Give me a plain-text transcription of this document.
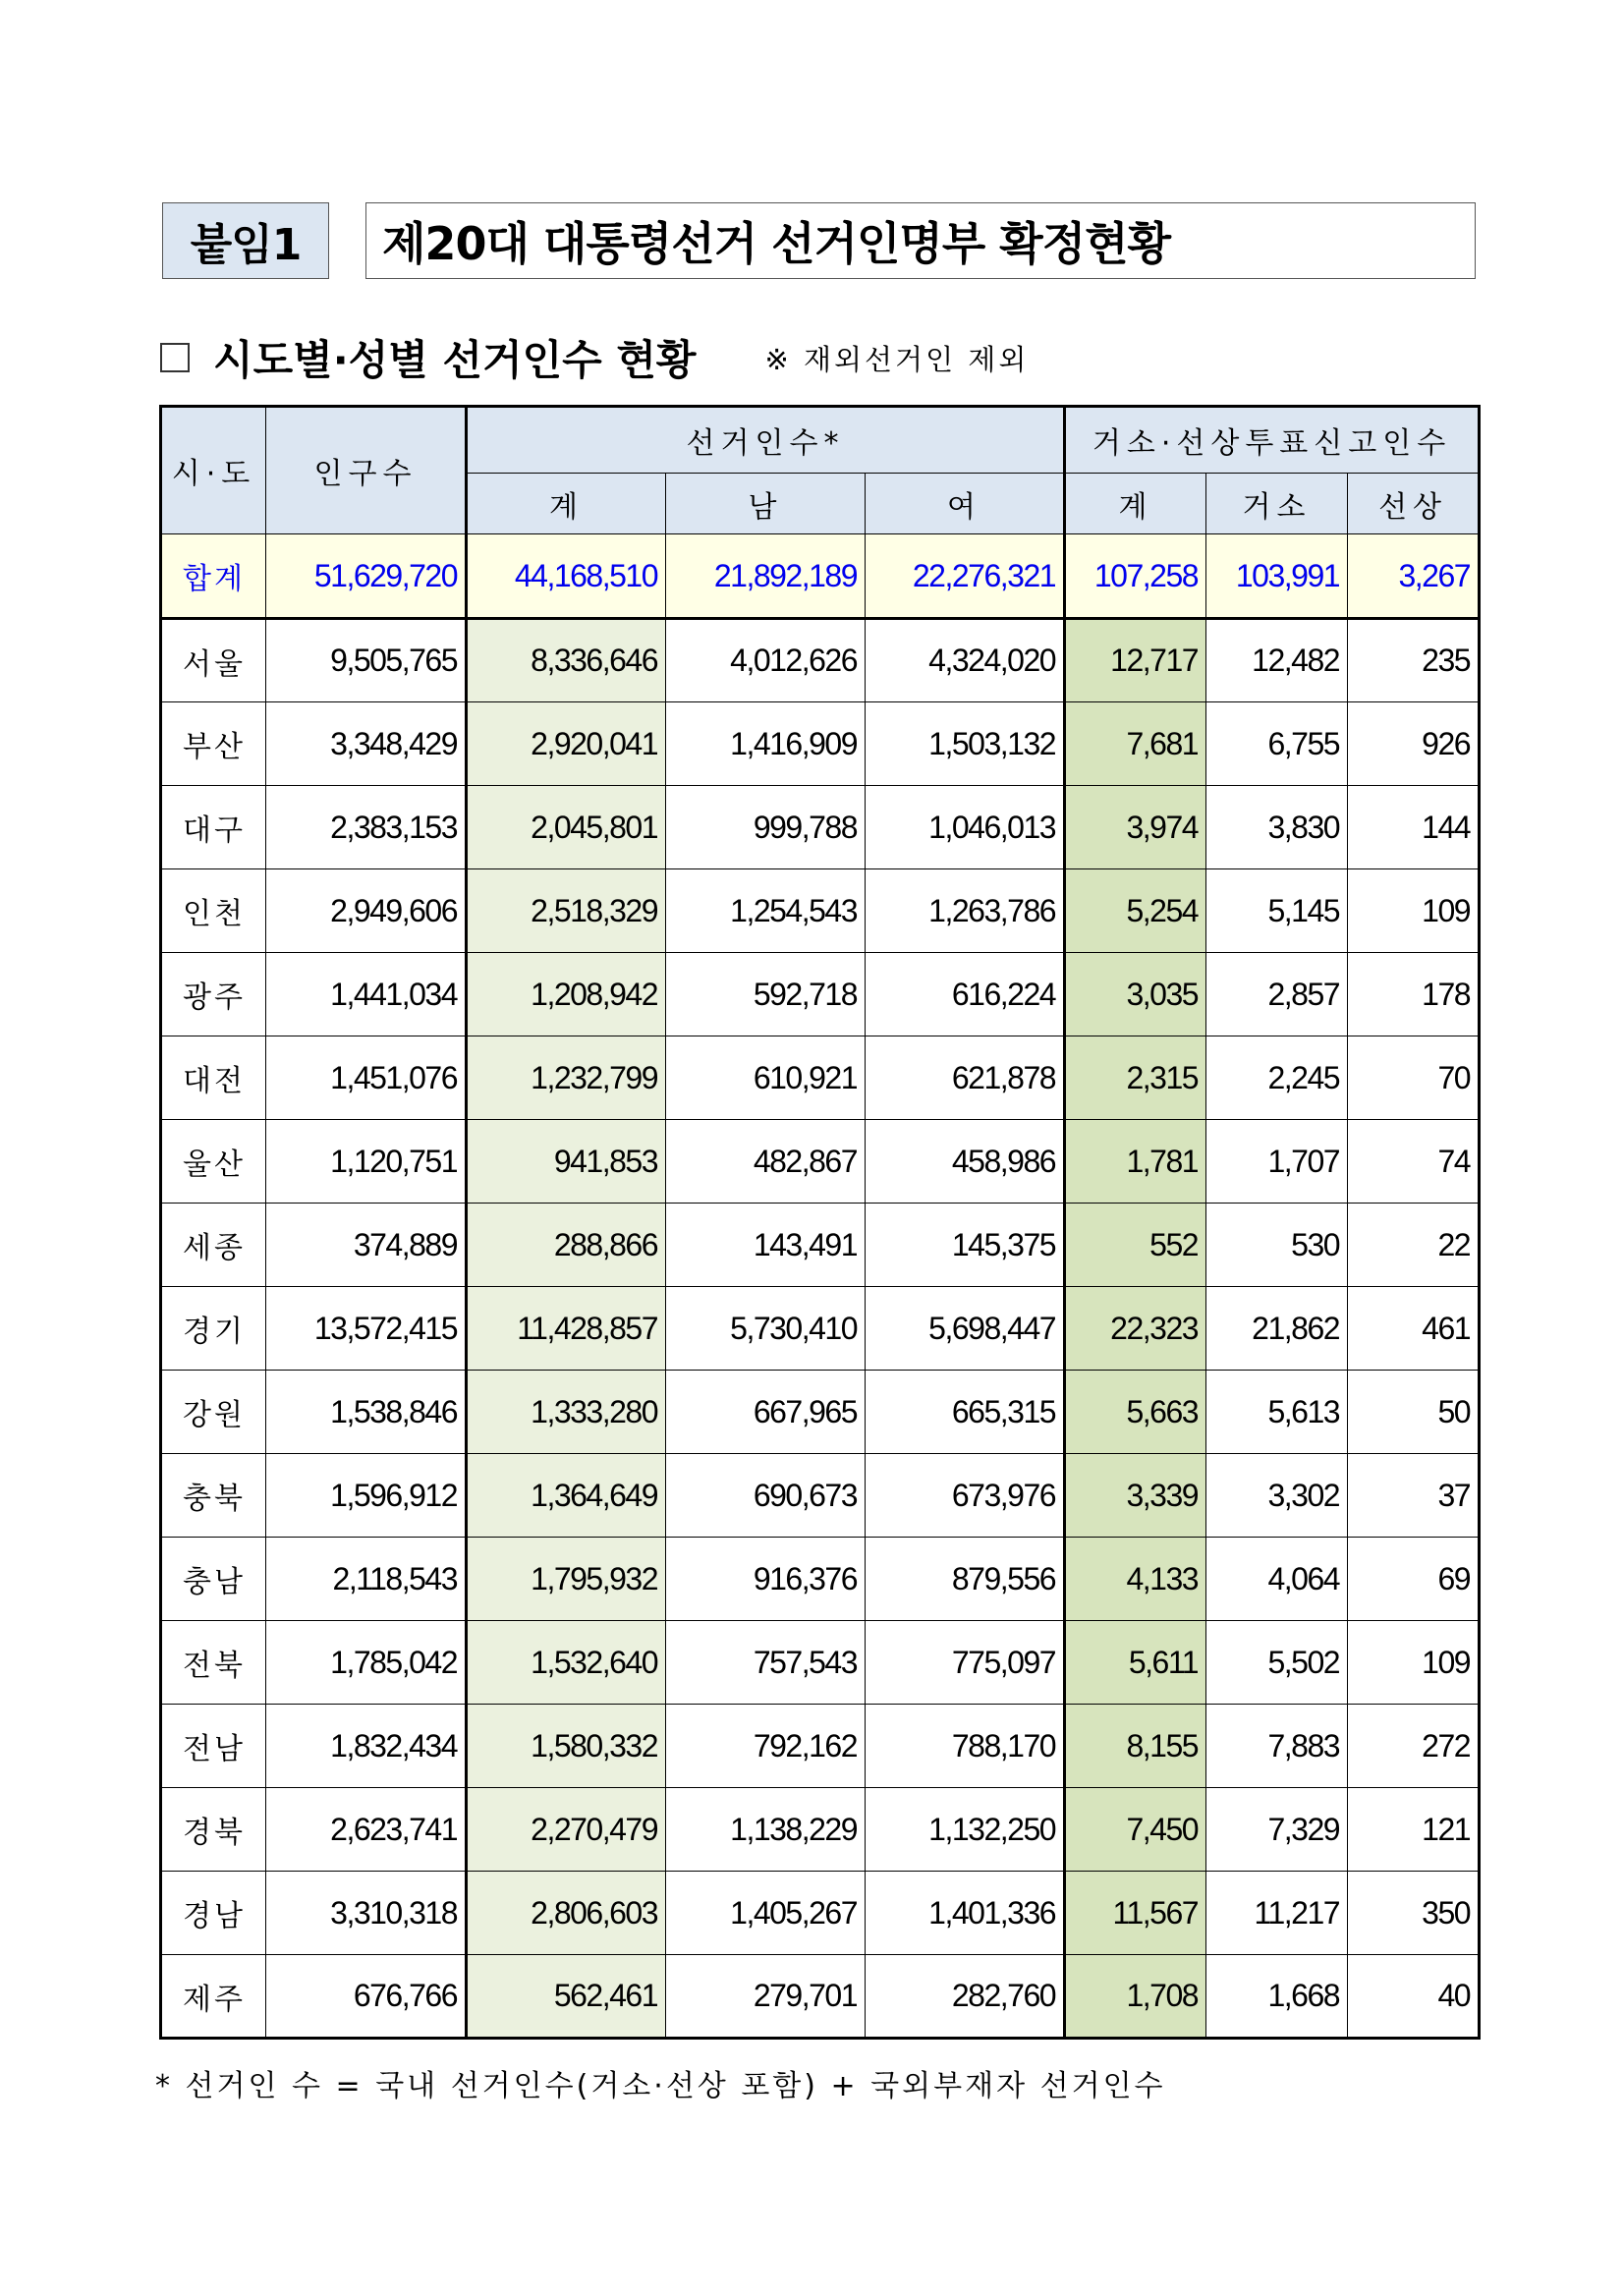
붙임1	제20대 대통령선거 선거인명부 확정현황
시도별·성별 선거인수 현황 ※ 재외선거인 제외
시·도	인구수	선거인수*			거소·선상투표신고인수		
		계	남	여	계	거소	선상
합계	51,629,720	44,168,510	21,892,189	22,276,321	107,258	103,991	3,267
서울	9,505,765	8,336,646	4,012,626	4,324,020	12,717	12,482	235
부산	3,348,429	2,920,041	1,416,909	1,503,132	7,681	6,755	926
대구	2,383,153	2,045,801	999,788	1,046,013	3,974	3,830	144
인천	2,949,606	2,518,329	1,254,543	1,263,786	5,254	5,145	109
광주	1,441,034	1,208,942	592,718	616,224	3,035	2,857	178
대전	1,451,076	1,232,799	610,921	621,878	2,315	2,245	70
울산	1,120,751	941,853	482,867	458,986	1,781	1,707	74
세종	374,889	288,866	143,491	145,375	552	530	22
경기	13,572,415	11,428,857	5,730,410	5,698,447	22,323	21,862	461
강원	1,538,846	1,333,280	667,965	665,315	5,663	5,613	50
충북	1,596,912	1,364,649	690,673	673,976	3,339	3,302	37
충남	2,118,543	1,795,932	916,376	879,556	4,133	4,064	69
전북	1,785,042	1,532,640	757,543	775,097	5,611	5,502	109
전남	1,832,434	1,580,332	792,162	788,170	8,155	7,883	272
경북	2,623,741	2,270,479	1,138,229	1,132,250	7,450	7,329	121
경남	3,310,318	2,806,603	1,405,267	1,401,336	11,567	11,217	350
제주	676,766	562,461	279,701	282,760	1,708	1,668	40
* 선거인 수 = 국내 선거인수(거소·선상 포함) + 국외부재자 선거인수
